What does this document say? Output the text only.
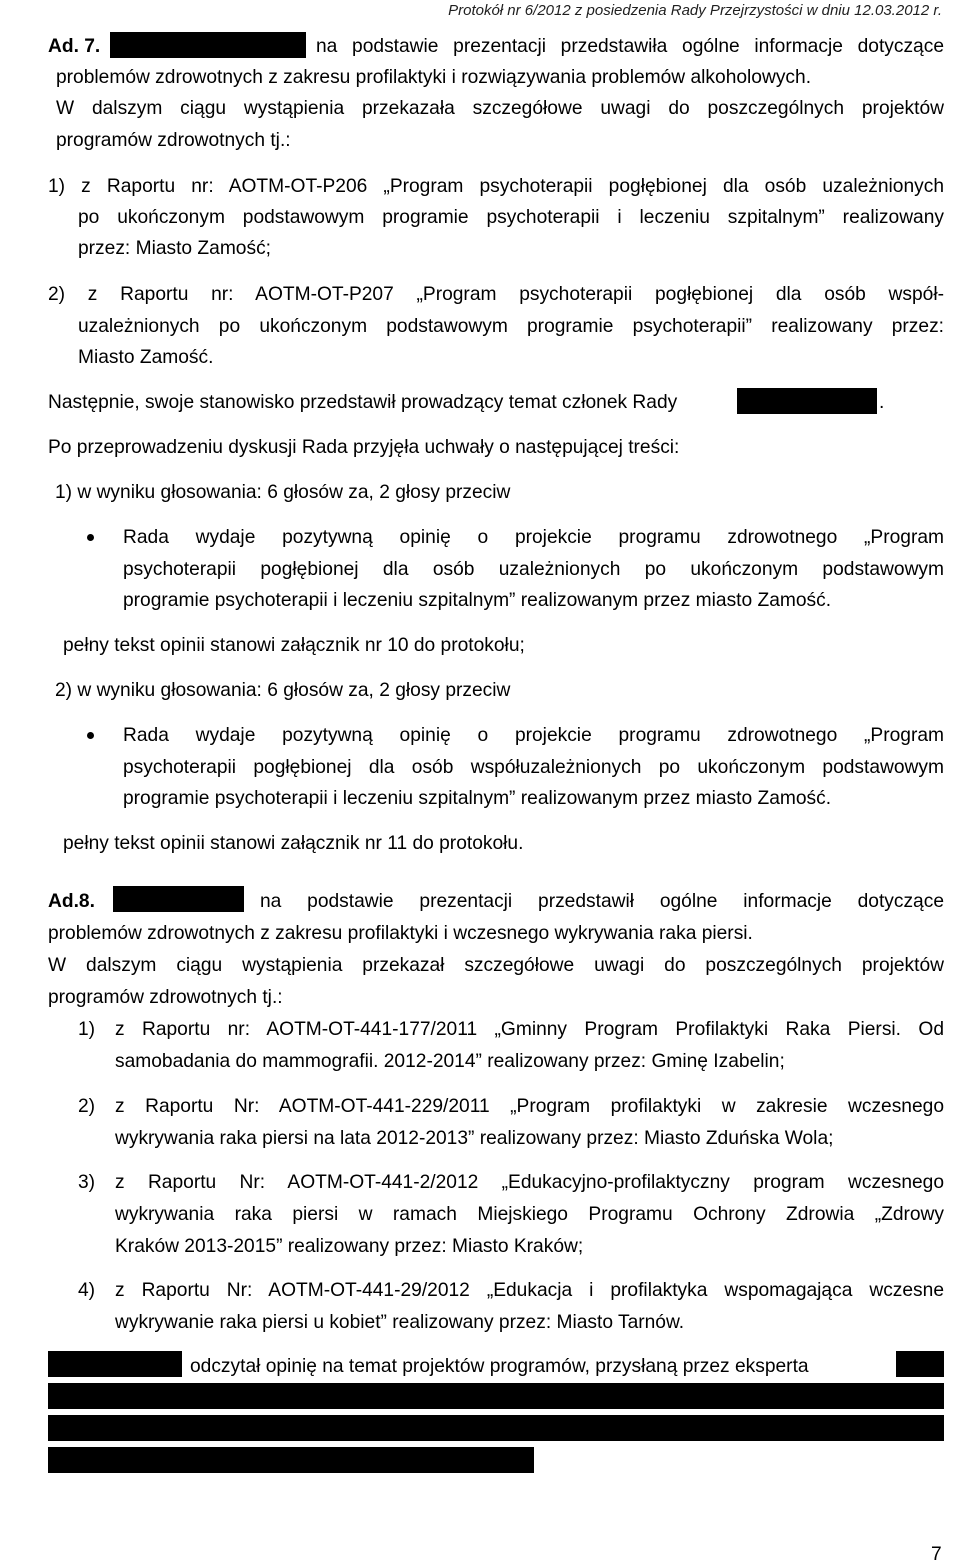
Protokół nr 6/2012 z posiedzenia Rady Przejrzystości w dniu 12.03.2012 r.
Ad. 7.	na podstawie prezentacji przedstawiła ogólne informacje dotyczące
problemów zdrowotnych z zakresu profilaktyki i rozwiązywania problemów alkoholowych.
W dalszym ciągu wystąpienia przekazała szczegółowe uwagi do poszczególnych projektów
programów zdrowotnych tj.:
1) z Raportu nr: AOTM-OT-P206 „Program psychoterapii pogłębionej dla osób uzależnionych
po ukończonym podstawowym programie psychoterapii i leczeniu szpitalnym” realizowany
przez: Miasto Zamość;
2) z Raportu nr: AOTM-OT-P207 „Program psychoterapii pogłębionej dla osób współ-
uzależnionych po ukończonym podstawowym programie psychoterapii” realizowany przez:
Miasto Zamość.
Następnie, swoje stanowisko przedstawił prowadzący temat członek Rady	.
Po przeprowadzeniu dyskusji Rada przyjęła uchwały o następującej treści:
1) w wyniku głosowania: 6 głosów za, 2 głosy przeciw
Rada wydaje pozytywną opinię o projekcie programu zdrowotnego „Program
psychoterapii pogłębionej dla osób uzależnionych po ukończonym podstawowym
programie psychoterapii i leczeniu szpitalnym” realizowanym przez miasto Zamość.
pełny tekst opinii stanowi załącznik nr 10 do protokołu;
2) w wyniku głosowania: 6 głosów za, 2 głosy przeciw
Rada wydaje pozytywną opinię o projekcie programu zdrowotnego „Program
psychoterapii pogłębionej dla osób współuzależnionych po ukończonym podstawowym
programie psychoterapii i leczeniu szpitalnym” realizowanym przez miasto Zamość.
pełny tekst opinii stanowi załącznik nr 11 do protokołu.
Ad.8.	na podstawie prezentacji przedstawił ogólne informacje dotyczące
problemów zdrowotnych z zakresu profilaktyki i wczesnego wykrywania raka piersi.
W dalszym ciągu wystąpienia przekazał szczegółowe uwagi do poszczególnych projektów
programów zdrowotnych tj.:
1) z Raportu nr: AOTM-OT-441-177/2011 „Gminny Program Profilaktyki Raka Piersi. Od
samobadania do mammografii. 2012-2014” realizowany przez: Gminę Izabelin;
2) z Raportu Nr: AOTM-OT-441-229/2011 „Program profilaktyki w zakresie wczesnego
wykrywania raka piersi na lata 2012-2013” realizowany przez: Miasto Zduńska Wola;
3) z Raportu Nr: AOTM-OT-441-2/2012 „Edukacyjno-profilaktyczny program wczesnego
wykrywania raka piersi w ramach Miejskiego Programu Ochrony Zdrowia „Zdrowy
Kraków 2013-2015” realizowany przez: Miasto Kraków;
4) z Raportu Nr: AOTM-OT-441-29/2012 „Edukacja i profilaktyka wspomagająca wczesne
wykrywanie raka piersi u kobiet” realizowany przez: Miasto Tarnów.
odczytał opinię na temat projektów programów, przysłaną przez eksperta
7
